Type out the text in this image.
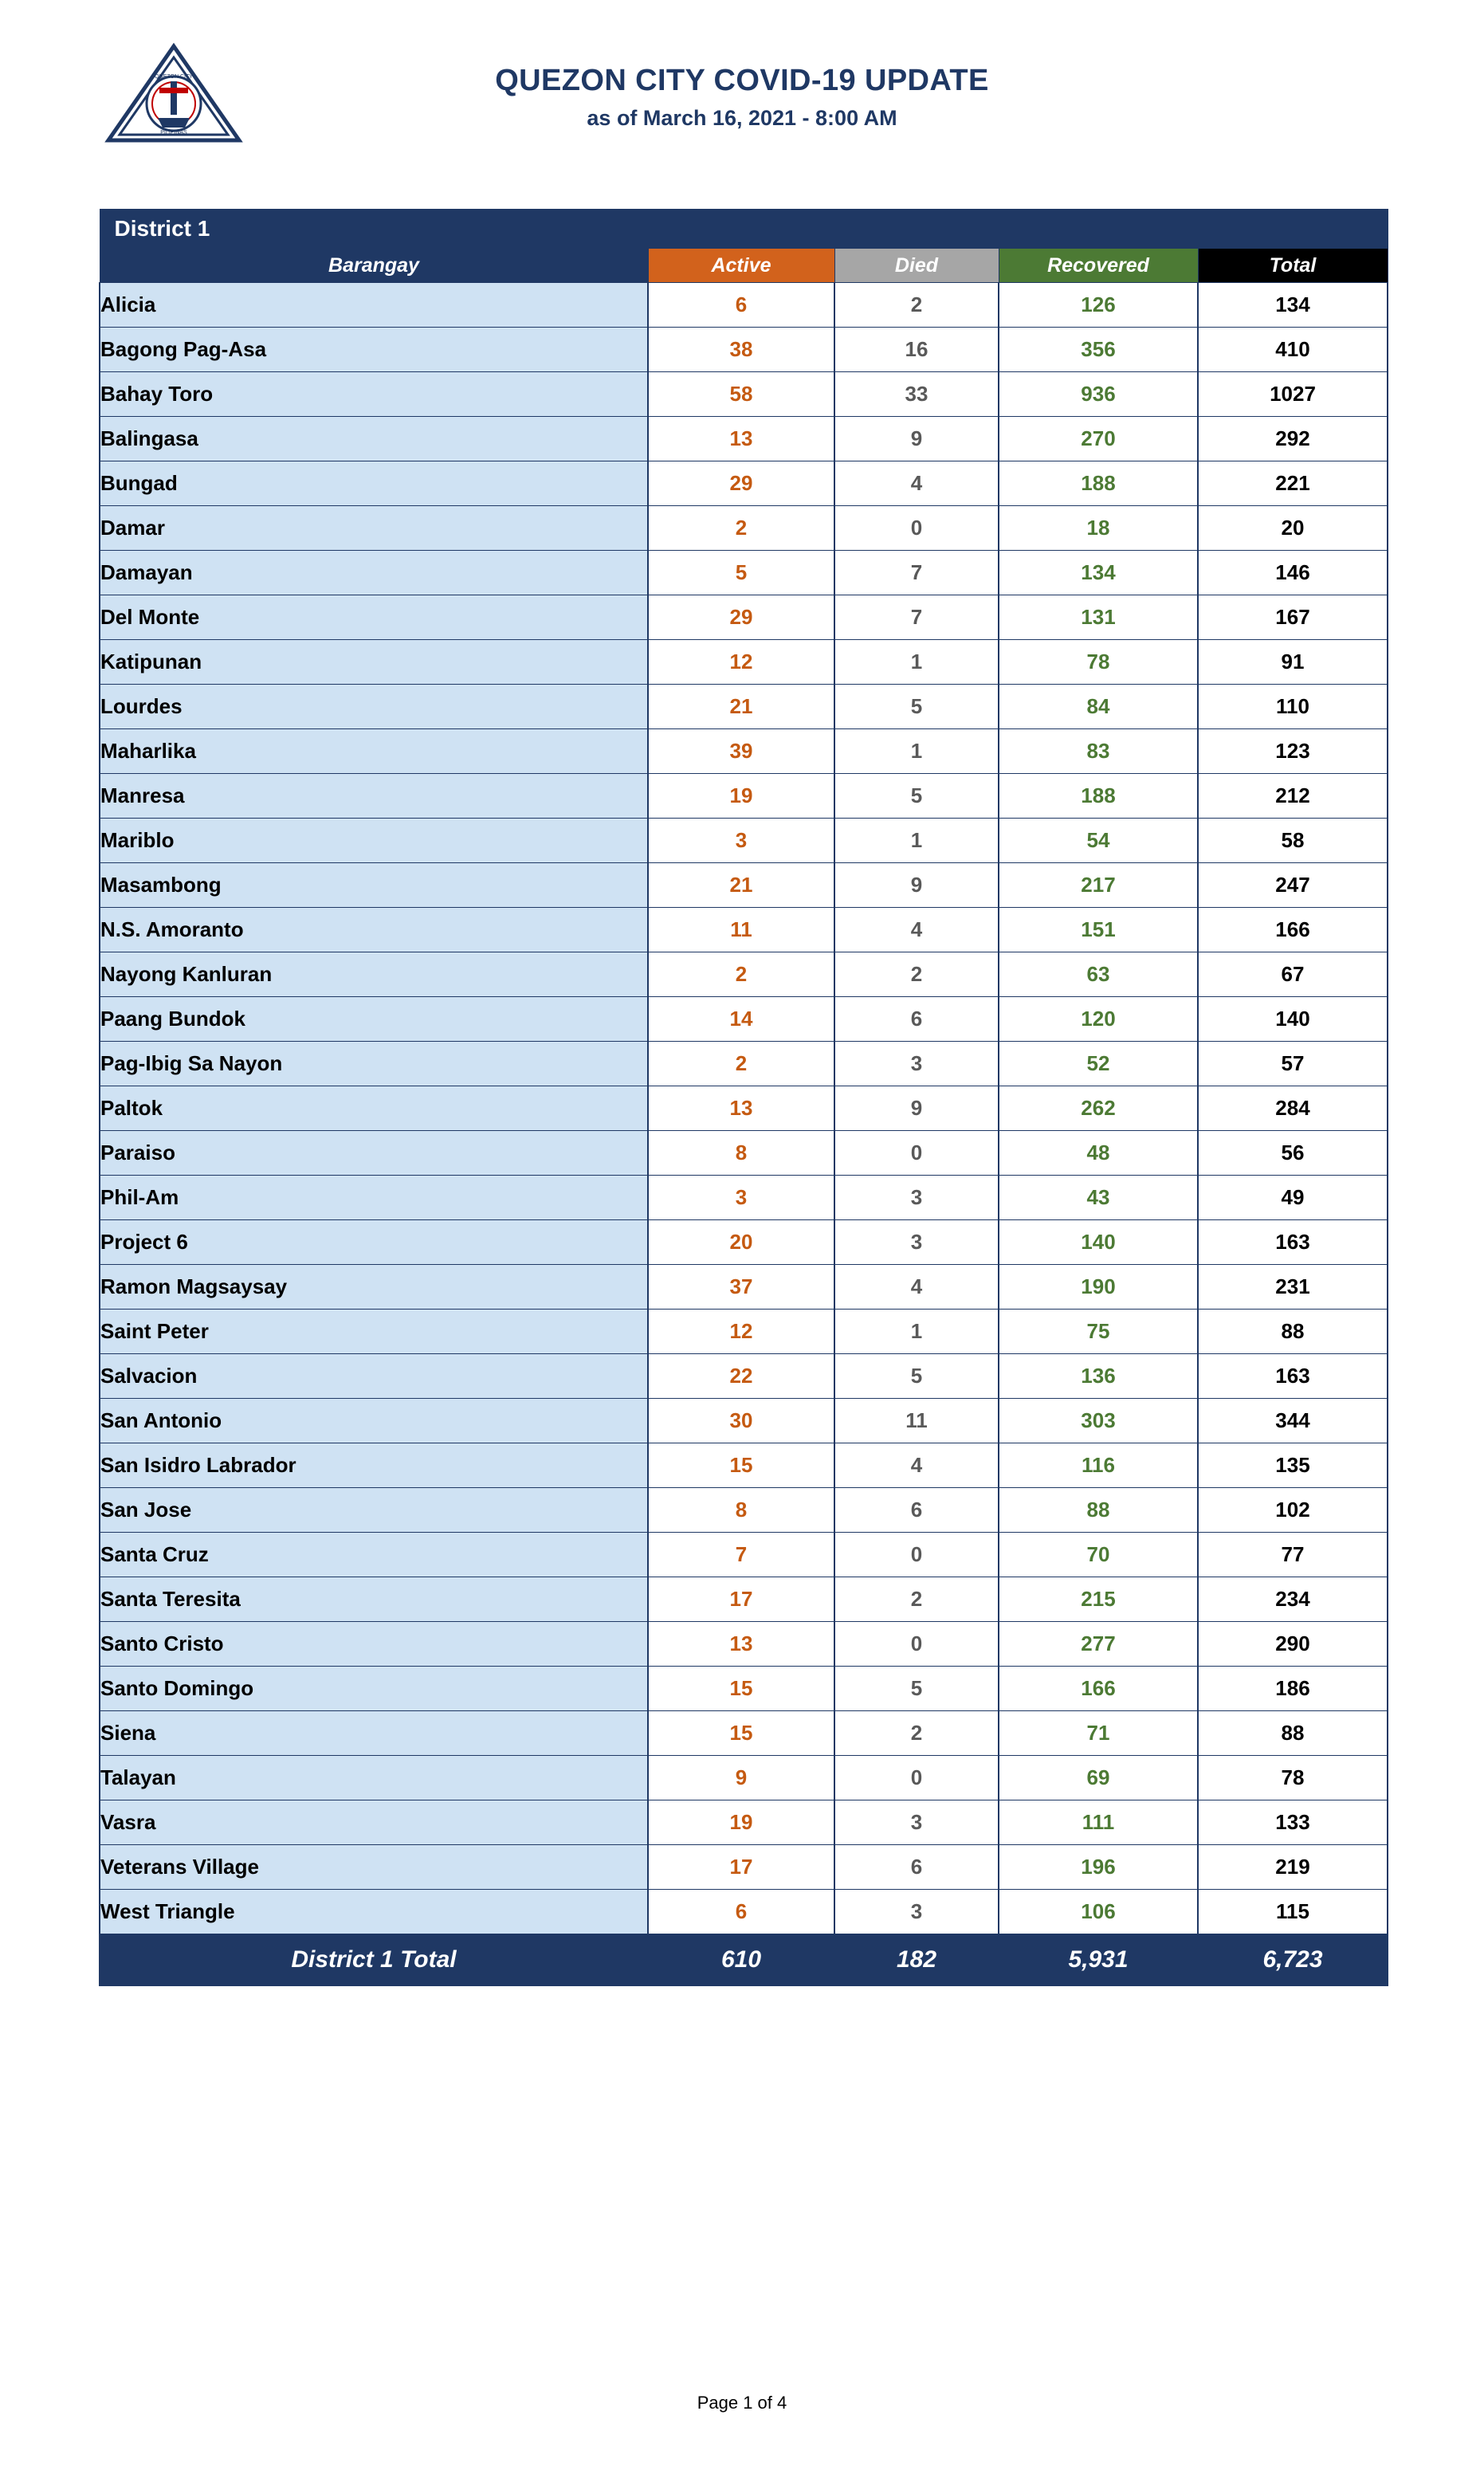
QUEZON CITY
PILIPINAS
QUEZON CITY COVID-19 UPDATE
as of March 16, 2021 - 8:00 AM
District 1				
Barangay	Active	Died	Recovered	Total
Alicia	6	2	126	134
Bagong Pag-Asa	38	16	356	410
Bahay Toro	58	33	936	1027
Balingasa	13	9	270	292
Bungad	29	4	188	221
Damar	2	0	18	20
Damayan	5	7	134	146
Del Monte	29	7	131	167
Katipunan	12	1	78	91
Lourdes	21	5	84	110
Maharlika	39	1	83	123
Manresa	19	5	188	212
Mariblo	3	1	54	58
Masambong	21	9	217	247
N.S. Amoranto	11	4	151	166
Nayong Kanluran	2	2	63	67
Paang Bundok	14	6	120	140
Pag-Ibig Sa Nayon	2	3	52	57
Paltok	13	9	262	284
Paraiso	8	0	48	56
Phil-Am	3	3	43	49
Project 6	20	3	140	163
Ramon Magsaysay	37	4	190	231
Saint Peter	12	1	75	88
Salvacion	22	5	136	163
San Antonio	30	11	303	344
San Isidro Labrador	15	4	116	135
San Jose	8	6	88	102
Santa Cruz	7	0	70	77
Santa Teresita	17	2	215	234
Santo Cristo	13	0	277	290
Santo Domingo	15	5	166	186
Siena	15	2	71	88
Talayan	9	0	69	78
Vasra	19	3	111	133
Veterans Village	17	6	196	219
West Triangle	6	3	106	115
District 1 Total	610	182	5,931	6,723
Page 1 of 4
